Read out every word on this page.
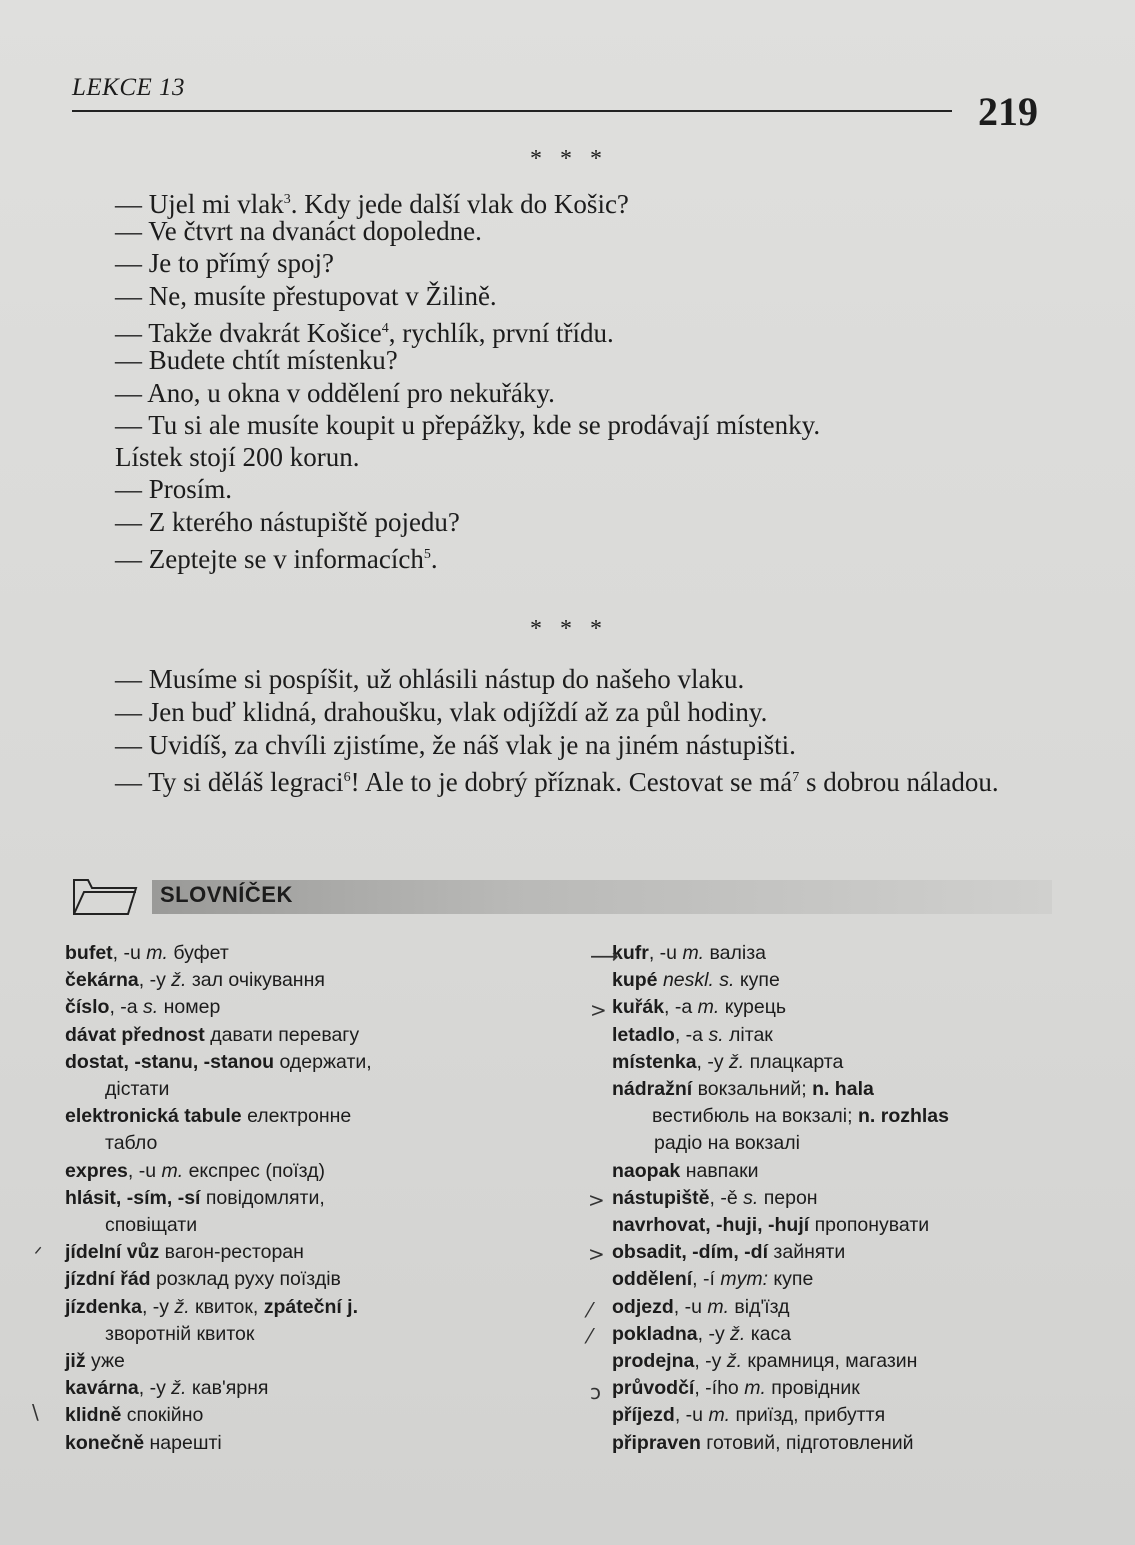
LEKCE 13
219
* * *
— Ujel mi vlak$^3$. Kdy jede další vlak do Košic?
— Ve čtvrt na dvanáct dopoledne.
— Je to přímý spoj?
— Ne, musíte přestupovat v Žilině.
— Takže dvakrát Košice$^4$, rychlík, první třídu.
— Budete chtít místenku?
— Ano, u okna v oddělení pro nekuřáky.
— Tu si ale musíte koupit u přepážky, kde se prodávají místenky.
Lístek stojí 200 korun.
— Prosím.
— Z kterého nástupiště pojedu?
— Zeptejte se v informacích$^5$.
* * *
— Musíme si pospíšit, už ohlásili nástup do našeho vlaku.
— Jen buď klidná, drahoušku, vlak odjíždí až za půl hodiny.
— Uvidíš, za chvíli zjistíme, že náš vlak je na jiném nástupišti.
— Ty si děláš legraci$^6$! Ale to je dobrý příznak. Cestovat se $má^7$ s dobrou náladou.
SLOVNÍČEK
bufet, -u m. буфет
čekárna, -y ž. зал очікування
číslo, -a s. номер
dávat přednost давати перевагу
dostat, -stanu, -stanou одержати,
дістати
elektronická tabule електронне
табло
expres, -u m. експрес (поїзд)
hlásit, -sím, -sí повідомляти,
сповіщати
jídelní vůz вагон-ресторан
jízdní řád розклад руху поїздів
jízdenka, -y ž. квиток, zpáteční j.
зворотній квиток
již уже
kavárna, -y ž. кав'ярня
klidně спокійно
konečně нарешті
kufr, -u m. валіза
kupé neskl. s. купе
kuřák, -a m. курець
letadlo, -a s. літак
místenka, -y ž. плацкарта
nádražní вокзальний; n. hala
вестибюль на вокзалі; n. rozhlas
радіо на вокзалі
naopak навпаки
nástupiště, -ě s. перон
navrhovat, -huji, -hují пропонувати
obsadit, -dím, -dí зайняти
oddělení, -í mym: купе
odjezd, -u m. від'їзд
pokladna, -y ž. каса
prodejna, -y ž. крамниця, магазин
průvodčí, -ího m. провідник
příjezd, -u m. приїзд, прибуття
připraven готовий, підготовлений
⟶
>
>
>
⁄
⁄
ↄ
ᐟ
\
